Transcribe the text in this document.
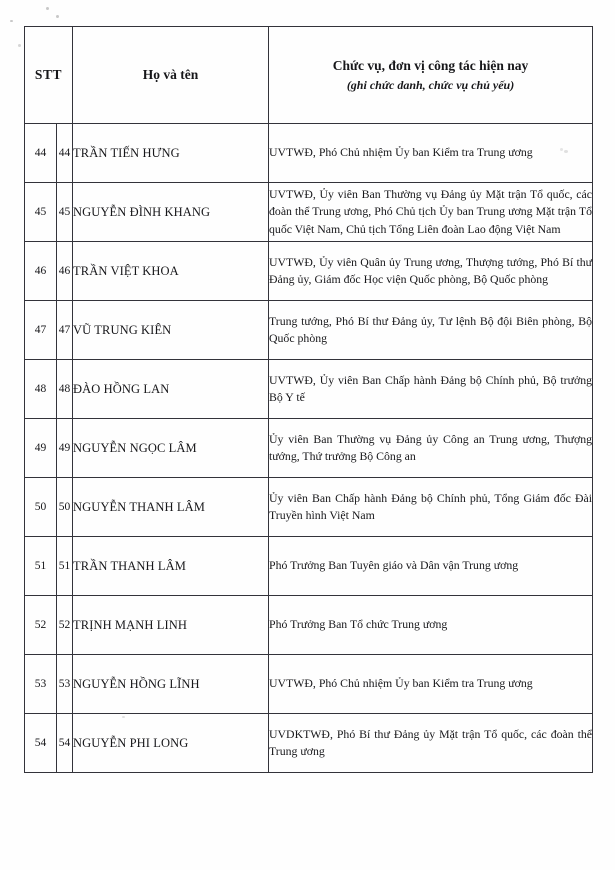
STT		Họ và tên	Chức vụ, đơn vị công tác hiện nay
(ghi chức danh, chức vụ chủ yếu)

44	44	TRẦN TIẾN HƯNG	UVTWĐ, Phó Chủ nhiệm Ủy ban Kiểm tra Trung ương
45	45	NGUYỄN ĐÌNH KHANG	UVTWĐ, Ủy viên Ban Thường vụ Đảng ủy Mặt trận Tổ quốc, các đoàn thể Trung ương, Phó Chủ tịch Ủy ban Trung ương Mặt trận Tổ quốc Việt Nam, Chủ tịch Tổng Liên đoàn Lao động Việt Nam
46	46	TRẦN VIỆT KHOA	UVTWĐ, Ủy viên Quân ủy Trung ương, Thượng tướng, Phó Bí thư Đảng ủy, Giám đốc Học viện Quốc phòng, Bộ Quốc phòng
47	47	VŨ TRUNG KIÊN	Trung tướng, Phó Bí thư Đảng ủy, Tư lệnh Bộ đội Biên phòng, Bộ Quốc phòng
48	48	ĐÀO HỒNG LAN	UVTWĐ, Ủy viên Ban Chấp hành Đảng bộ Chính phủ, Bộ trưởng Bộ Y tế
49	49	NGUYỄN NGỌC LÂM	Ủy viên Ban Thường vụ Đảng ủy Công an Trung ương, Thượng tướng, Thứ trưởng Bộ Công an
50	50	NGUYỄN THANH LÂM	Ủy viên Ban Chấp hành Đảng bộ Chính phủ, Tổng Giám đốc Đài Truyền hình Việt Nam
51	51	TRẦN THANH LÂM	Phó Trưởng Ban Tuyên giáo và Dân vận Trung ương
52	52	TRỊNH MẠNH LINH	Phó Trưởng Ban Tổ chức Trung ương
53	53	NGUYỄN HỒNG LĨNH	UVTWĐ, Phó Chủ nhiệm Ủy ban Kiểm tra Trung ương
54	54	NGUYỄN PHI LONG	UVDKTWĐ, Phó Bí thư Đảng ủy Mặt trận Tổ quốc, các đoàn thể Trung ương
